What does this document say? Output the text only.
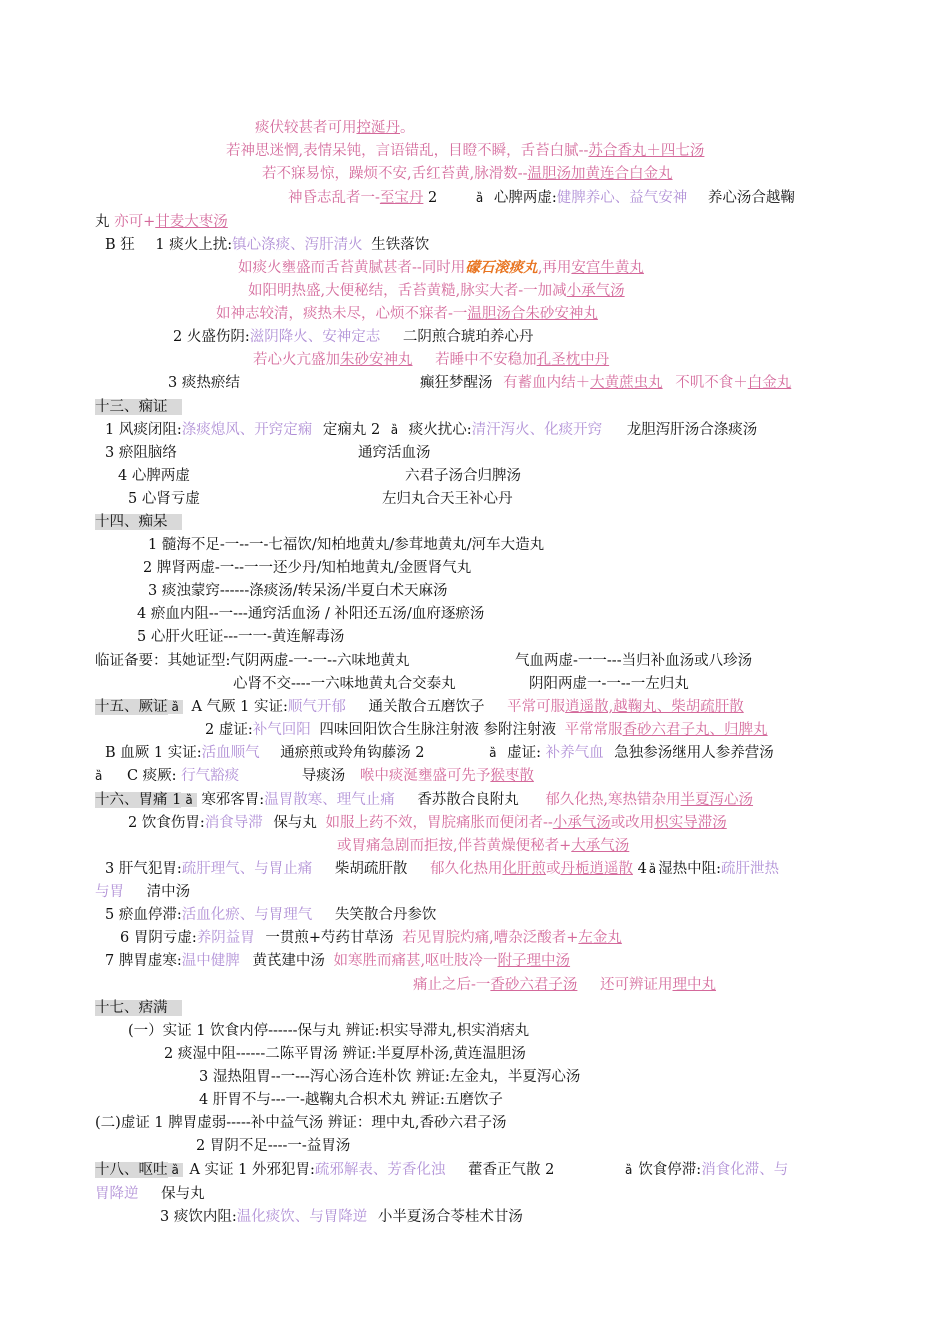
痰伏较甚者可用控涎丹。
若神思迷惘,表情呆钝，言语错乱，目瞪不瞬，舌苔白腻--苏合香丸＋四七汤
若不寐易惊，躁烦不安,舌红苔黄,脉滑数--温胆汤加黄连合白金丸
神昏志乱者一-至宝丹 2	ȁ 心脾两虚:健脾养心、益气安神 养心汤合越鞠
丸 亦可+甘麦大枣汤
B 狂 1 痰火上扰:镇心涤痰、泻肝清火 生铁落饮
如痰火壅盛而舌苔黄腻甚者--同时用礞石滚痰丸,再用安宫牛黄丸
如阳明热盛,大便秘结，舌苔黄糙,脉实大者-一加减小承气汤
如神志较清，痰热未尽，心烦不寐者-一温胆汤合朱砂安神丸
2 火盛伤阴:滋阴降火、安神定志 二阴煎合琥珀养心丹
若心火亢盛加朱砂安神丸 若睡中不安稳加孔圣枕中丹
3 痰热瘀结	癫狂梦醒汤 有蓄血内结＋大黄蔗虫丸 不叽不食＋白金丸
十三、痫证
1 风痰闭阻:涤痰熄风、开窍定痫 定痫丸 2 ȁ 痰火扰心:清汗泻火、化痰开窍 龙胆泻肝汤合涤痰汤
3 瘀阻脑络	通窍活血汤
4 心脾两虚	六君子汤合归脾汤
5 心肾亏虚	左归丸合天王补心丹
十四、痴呆
1 髓海不足-一--一-七福饮/知柏地黄丸/参茸地黄丸/河车大造丸
2 脾肾两虚-一--一一还少丹/知柏地黄丸/金匮肾气丸
3 痰浊蒙窍------涤痰汤/转呆汤/半夏白术天麻汤
4 瘀血内阻--一---通窍活血汤 / 补阳还五汤/血府逐瘀汤
5 心肝火旺证---一一-黄连解毒汤
临证备要：其她证型:气阴两虚-一-一--六味地黄丸	气血两虚-一一---当归补血汤或八珍汤
心肾不交----一六味地黄丸合交泰丸	阴阳两虚一-一--一左归丸
十五、厥证 ȁ A 气厥 1 实证:顺气开郁 通关散合五磨饮子 平常可服逍遥散,越鞠丸、柴胡疏肝散
2 虚证:补气回阳 四味回阳饮合生脉注射液 参附注射液 平常常服香砂六君子丸、归脾丸
B 血厥 1 实证:活血顺气 通瘀煎或羚角钩藤汤 2	ȁ 虚证: 补养气血 急独参汤继用人参养营汤
ȁ C 痰厥: 行气豁痰	导痰汤 喉中痰涎壅盛可先予猴枣散
十六、胃痛 1 ȁ 寒邪客胃:温胃散寒、理气止痛 香苏散合良附丸 郁久化热,寒热错杂用半夏泻心汤
2 饮食伤胃:消食导滞 保与丸 如服上药不效，胃脘痛胀而便闭者--小承气汤或改用枳实导滞汤
或胃痛急剧而拒按,伴苔黄燥便秘者+大承气汤
3 肝气犯胃:疏肝理气、与胃止痛 柴胡疏肝散 郁久化热用化肝煎或丹栀逍遥散 4 ȁ 湿热中阻:疏肝泄热
与胃 清中汤
5 瘀血停滞:活血化瘀、与胃理气 失笑散合丹参饮
6 胃阴亏虚:养阴益胃 一贯煎+芍药甘草汤 若见胃脘灼痛,嘈杂泛酸者+左金丸
7 脾胃虚寒:温中健脾 黄芪建中汤 如寒胜而痛甚,呕吐肢冷一附子理中汤
痛止之后-一香砂六君子汤 还可辨证用理中丸
十七、痞满
(一）实证 1 饮食内停------保与丸 辨证:枳实导滞丸,枳实消痞丸
2 痰湿中阻------二陈平胃汤 辨证:半夏厚朴汤,黄连温胆汤
3 湿热阻胃--一---泻心汤合连朴饮 辨证:左金丸，半夏泻心汤
4 肝胃不与---一-越鞠丸合枳术丸 辨证:五磨饮子
(二)虚证 1 脾胃虚弱-----补中益气汤 辨证：理中丸,香砂六君子汤
2 胃阴不足----一-益胃汤
十八、呕吐 ȁ A 实证 1 外邪犯胃:疏邪解表、芳香化浊 藿香正气散 2	ȁ 饮食停滞:消食化滞、与
胃降逆 保与丸
3 痰饮内阻:温化痰饮、与胃降逆 小半夏汤合苓桂术甘汤
